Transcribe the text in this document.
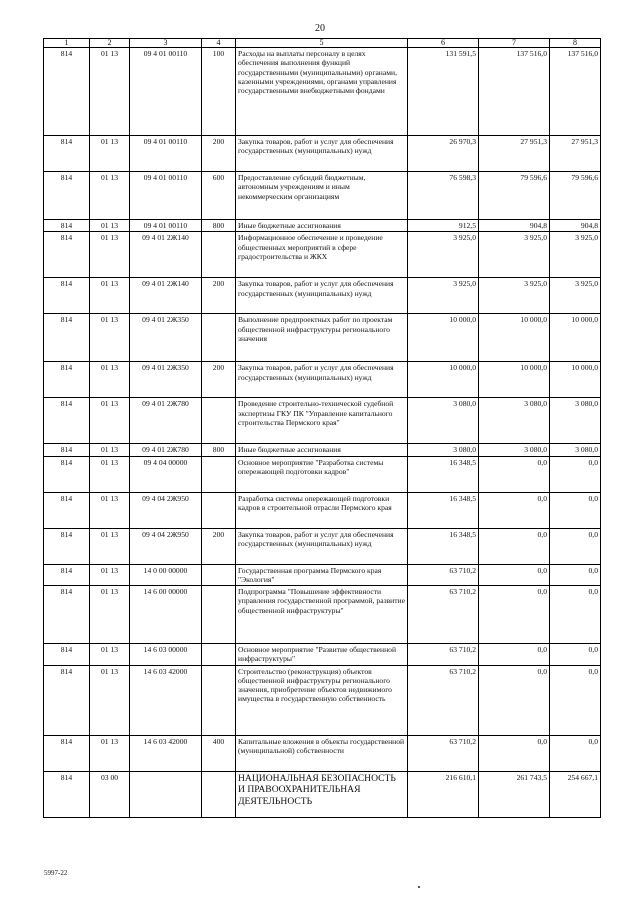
20
1	2	3	4	5	6	7	8
814	01 13	09 4 01 00110	100	Расходы на выплаты персоналу в целях обеспечения выполнения функций государственными (муниципальными) органами, казенными учреждениями, органами управления государственными внебюджетными фондами	131 591,5	137 516,0	137 516,0
814	01 13	09 4 01 00110	200	Закупка товаров, работ и услуг для обеспечения государственных (муниципальных) нужд	26 970,3	27 951,3	27 951,3
814	01 13	09 4 01 00110	600	Предоставление субсидий бюджетным, автономным учреждениям и иным некоммерческим организациям	76 598,3	79 596,6	79 596,6
814	01 13	09 4 01 00110	800	Иные бюджетные ассигнования	912,5	904,8	904,8
814	01 13	09 4 01 2Ж140		Информационное обеспечение и проведение общественных мероприятий в сфере градостроительства и ЖКХ	3 925,0	3 925,0	3 925,0
814	01 13	09 4 01 2Ж140	200	Закупка товаров, работ и услуг для обеспечения государственных (муниципальных) нужд	3 925,0	3 925,0	3 925,0
814	01 13	09 4 01 2Ж350		Выполнение предпроектных работ по проектам общественной инфраструктуры регионального значения	10 000,0	10 000,0	10 000,0
814	01 13	09 4 01 2Ж350	200	Закупка товаров, работ и услуг для обеспечения государственных (муниципальных) нужд	10 000,0	10 000,0	10 000,0
814	01 13	09 4 01 2Ж780		Проведение строительно-технической судебной экспертизы ГКУ ПК "Управление капитального строительства Пермского края"	3 080,0	3 080,0	3 080,0
814	01 13	09 4 01 2Ж780	800	Иные бюджетные ассигнования	3 080,0	3 080,0	3 080,0
814	01 13	09 4 04 00000		Основное мероприятие "Разработка системы опережающей подготовки кадров"	16 348,5	0,0	0,0
814	01 13	09 4 04 2Ж950		Разработка системы опережающей подготовки кадров в строительной отрасли Пермского края	16 348,5	0,0	0,0
814	01 13	09 4 04 2Ж950	200	Закупка товаров, работ и услуг для обеспечения государственных (муниципальных) нужд	16 348,5	0,0	0,0
814	01 13	14 0 00 00000		Государственная программа Пермского края "Экология"	63 710,2	0,0	0,0
814	01 13	14 6 00 00000		Подпрограмма "Повышение эффективности управления государственной программой, развитие общественной инфраструктуры"	63 710,2	0,0	0,0
814	01 13	14 6 03 00000		Основное мероприятие "Развитие общественной инфраструктуры"	63 710,2	0,0	0,0
814	01 13	14 6 03 42000		Строительство (реконструкция) объектов общественной инфраструктуры регионального значения, приобретение объектов недвижимого имущества в государственную собственность	63 710,2	0,0	0,0
814	01 13	14 6 03 42000	400	Капитальные вложения в объекты государственной (муниципальной) собственности	63 710,2	0,0	0,0
814	03 00			НАЦИОНАЛЬНАЯ БЕЗОПАСНОСТЬ И ПРАВООХРАНИТЕЛЬНАЯ ДЕЯТЕЛЬНОСТЬ	216 610,1	261 743,5	254 667,1
5997-22
